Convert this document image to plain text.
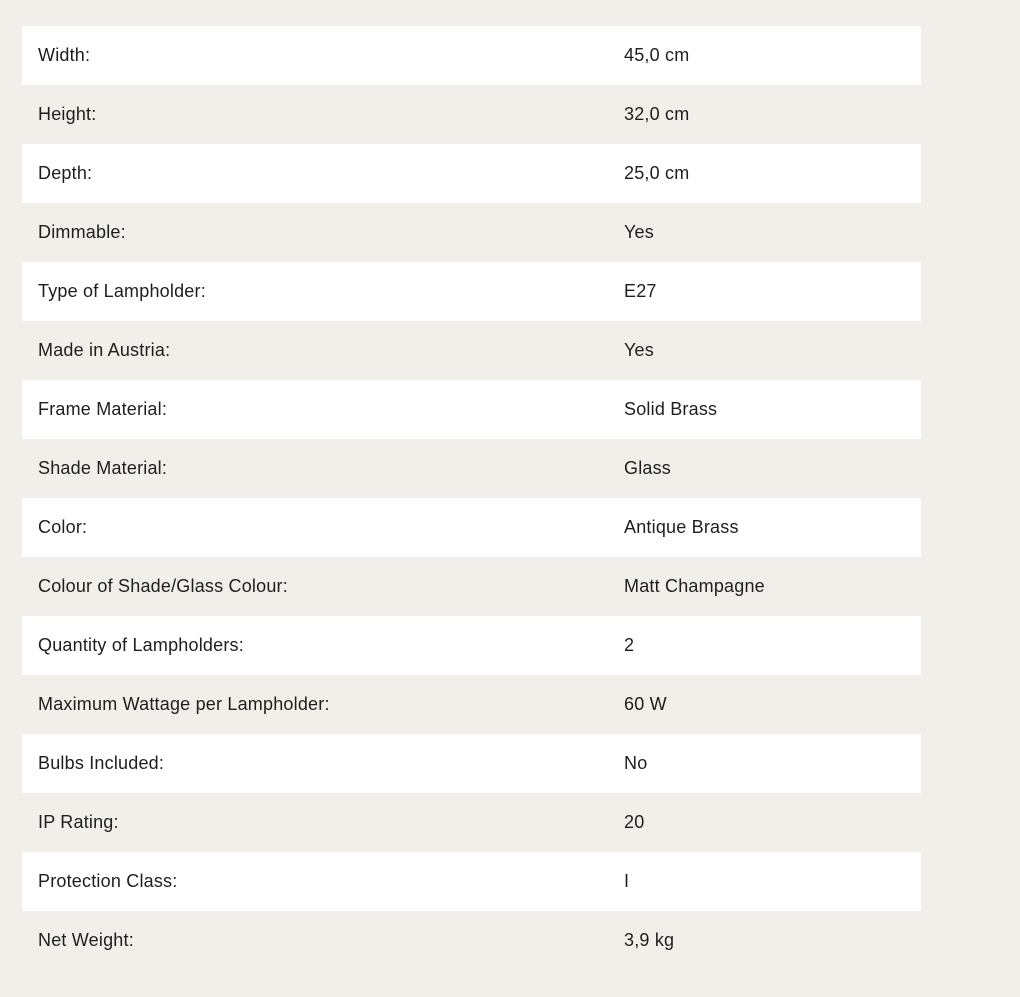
Width:	45,0 cm
Height:	32,0 cm
Depth:	25,0 cm
Dimmable:	Yes
Type of Lampholder:	E27
Made in Austria:	Yes
Frame Material:	Solid Brass
Shade Material:	Glass
Color:	Antique Brass
Colour of Shade/Glass Colour:	Matt Champagne
Quantity of Lampholders:	2
Maximum Wattage per Lampholder:	60 W
Bulbs Included:	No
IP Rating:	20
Protection Class:	I
Net Weight:	3,9 kg
